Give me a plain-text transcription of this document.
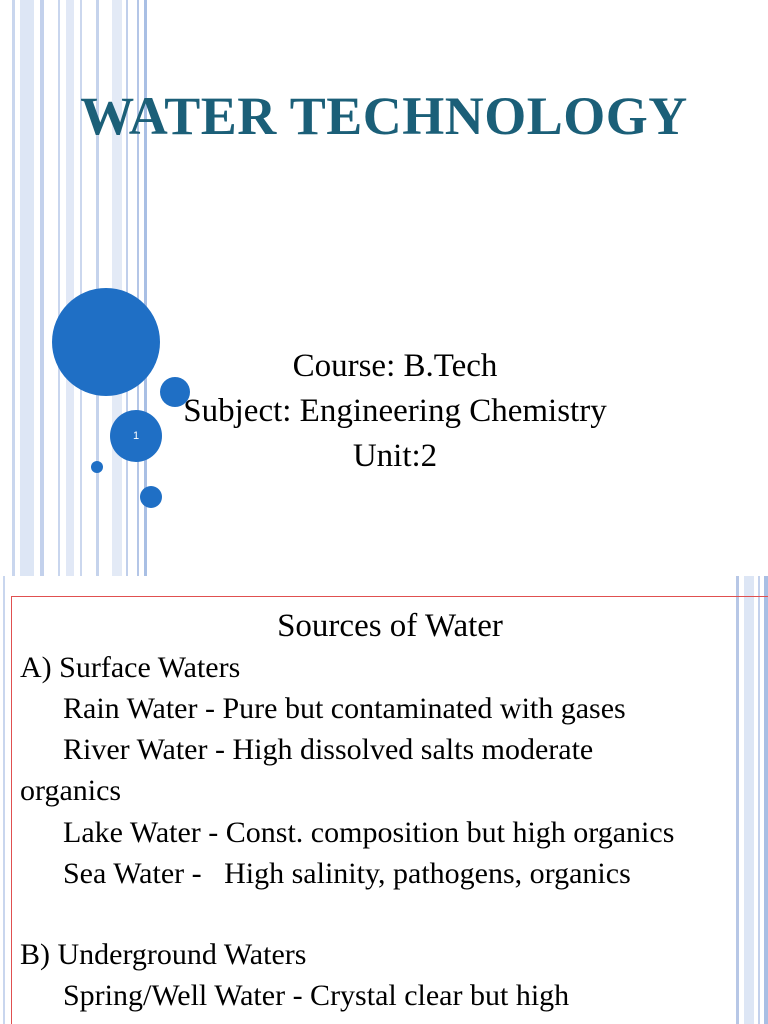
WATER TECHNOLOGY
1
Course: B.Tech
Subject: Engineering Chemistry
Unit:2
Sources of Water
A) Surface Waters
Rain Water - Pure but contaminated with gases
River Water - High dissolved salts moderate
organics
Lake Water - Const. composition but high organics
Sea Water -   High salinity, pathogens, organics
B) Underground Waters
Spring/Well Water - Crystal clear but high
